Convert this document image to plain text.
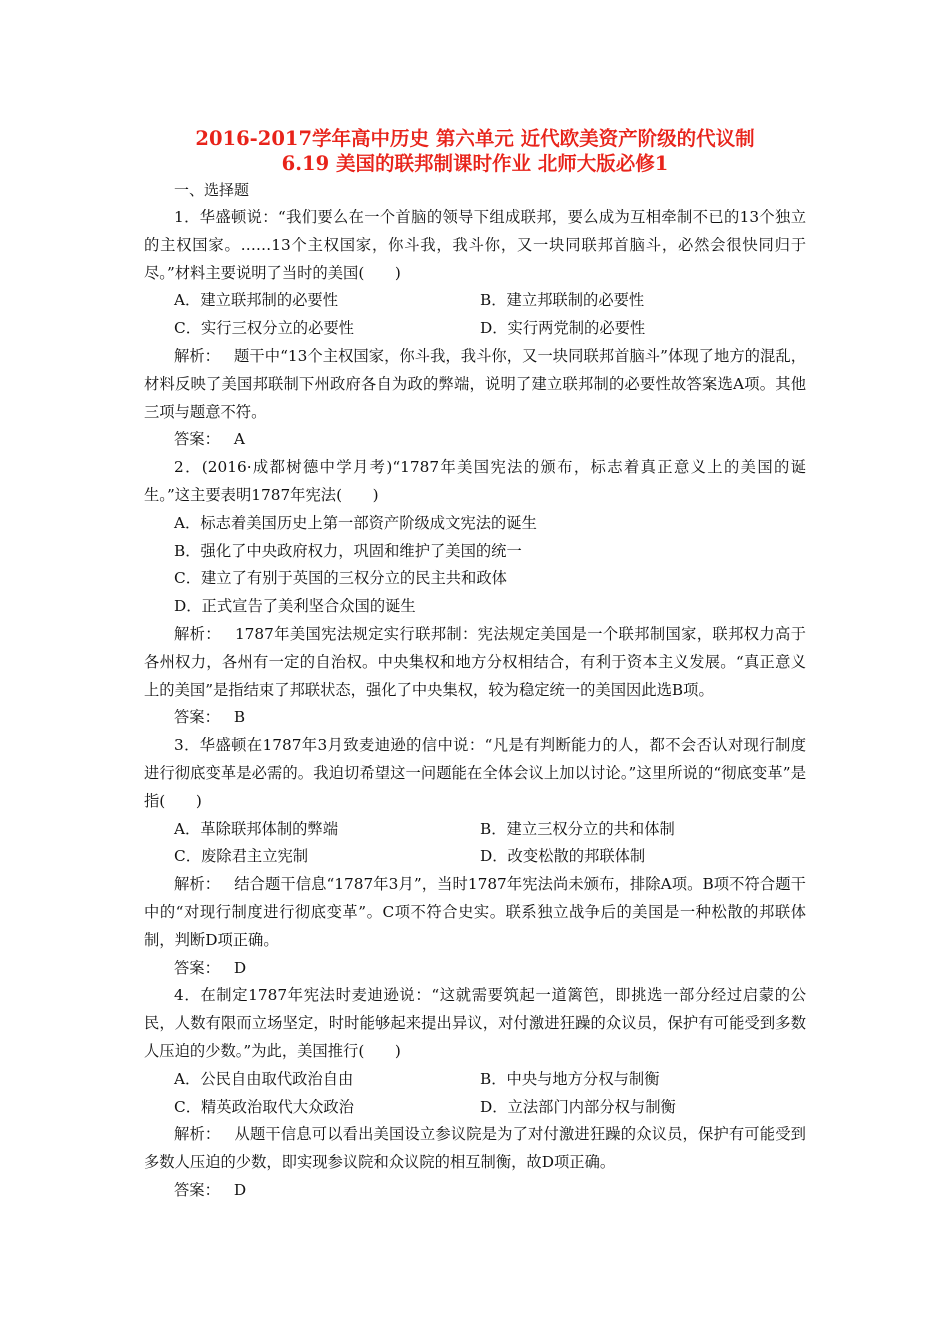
2016-2017学年高中历史 第六单元 近代欧美资产阶级的代议制
6.19 美国的联邦制课时作业 北师大版必修1
一、选择题

1．华盛顿说：“我们要么在一个首脑的领导下组成联邦，要么成为互相牵制不已的13个独立的主权国家。……13个主权国家，你斗我，我斗你，又一块同联邦首脑斗，必然会很快同归于尽。”材料主要说明了当时的美国(　　)

A．建立联邦制的必要性	B．建立邦联制的必要性
C．实行三权分立的必要性	D．实行两党制的必要性

解析： 题干中“13个主权国家，你斗我，我斗你，又一块同联邦首脑斗”体现了地方的混乱，材料反映了美国邦联制下州政府各自为政的弊端，说明了建立联邦制的必要性故答案选A项。其他三项与题意不符。

答案： A

2．(2016·成都树德中学月考)“1787年美国宪法的颁布，标志着真正意义上的美国的诞生。”这主要表明1787年宪法(　　)

A．标志着美国历史上第一部资产阶级成文宪法的诞生
B．强化了中央政府权力，巩固和维护了美国的统一
C．建立了有别于英国的三权分立的民主共和政体
D．正式宣告了美利坚合众国的诞生

解析： 1787年美国宪法规定实行联邦制：宪法规定美国是一个联邦制国家，联邦权力高于各州权力，各州有一定的自治权。中央集权和地方分权相结合，有利于资本主义发展。“真正意义上的美国”是指结束了邦联状态，强化了中央集权，较为稳定统一的美国因此选B项。

答案： B

3．华盛顿在1787年3月致麦迪逊的信中说：“凡是有判断能力的人，都不会否认对现行制度进行彻底变革是必需的。我迫切希望这一问题能在全体会议上加以讨论。”这里所说的“彻底变革”是指(　　)

A．革除联邦体制的弊端	B．建立三权分立的共和体制
C．废除君主立宪制	D．改变松散的邦联体制

解析： 结合题干信息“1787年3月”，当时1787年宪法尚未颁布，排除A项。B项不符合题干中的“对现行制度进行彻底变革”。C项不符合史实。联系独立战争后的美国是一种松散的邦联体制，判断D项正确。

答案： D

4．在制定1787年宪法时麦迪逊说：“这就需要筑起一道篱笆，即挑选一部分经过启蒙的公民，人数有限而立场坚定，时时能够起来提出异议，对付激进狂躁的众议员，保护有可能受到多数人压迫的少数。”为此，美国推行(　　)

A．公民自由取代政治自由	B．中央与地方分权与制衡
C．精英政治取代大众政治	D．立法部门内部分权与制衡

解析： 从题干信息可以看出美国设立参议院是为了对付激进狂躁的众议员，保护有可能受到多数人压迫的少数，即实现参议院和众议院的相互制衡，故D项正确。

答案： D
